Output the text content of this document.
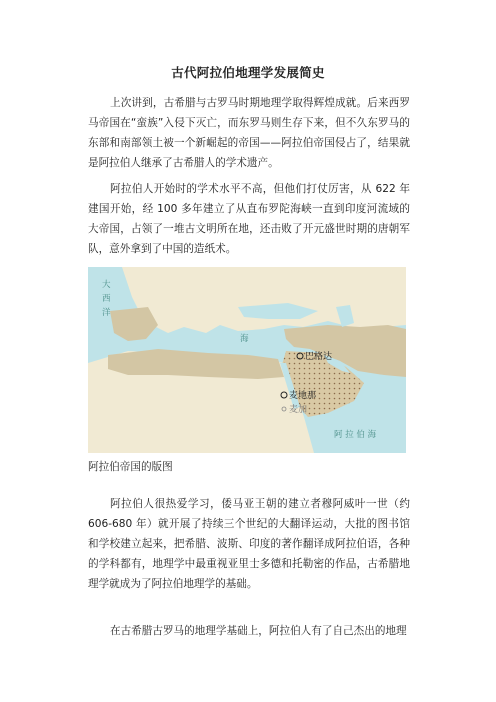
古代阿拉伯地理学发展简史

上次讲到，古希腊与古罗马时期地理学取得辉煌成就。后来西罗马帝国在“蛮族”入侵下灭亡，而东罗马则生存下来，但不久东罗马的东部和南部领土被一个新崛起的帝国——阿拉伯帝国侵占了，结果就是阿拉伯人继承了古希腊人的学术遗产。

阿拉伯人开始时的学术水平不高，但他们打仗厉害，从 622 年建国开始，经 100 多年建立了从直布罗陀海峡一直到印度河流域的大帝国，占领了一堆古文明所在地，还击败了开元盛世时期的唐朝军队，意外拿到了中国的造纸术。

大
西
洋
海
巴格达
麦地那
麦加
阿 拉 伯 海
阿拉伯帝国的版图

阿拉伯人很热爱学习，倭马亚王朝的建立者穆阿威叶一世（约 606-680 年）就开展了持续三个世纪的大翻译运动，大批的图书馆和学校建立起来，把希腊、波斯、印度的著作翻译成阿拉伯语，各种的学科都有，地理学中最重视亚里士多德和托勒密的作品，古希腊地理学就成为了阿拉伯地理学的基础。

在古希腊古罗马的地理学基础上，阿拉伯人有了自己杰出的地理
